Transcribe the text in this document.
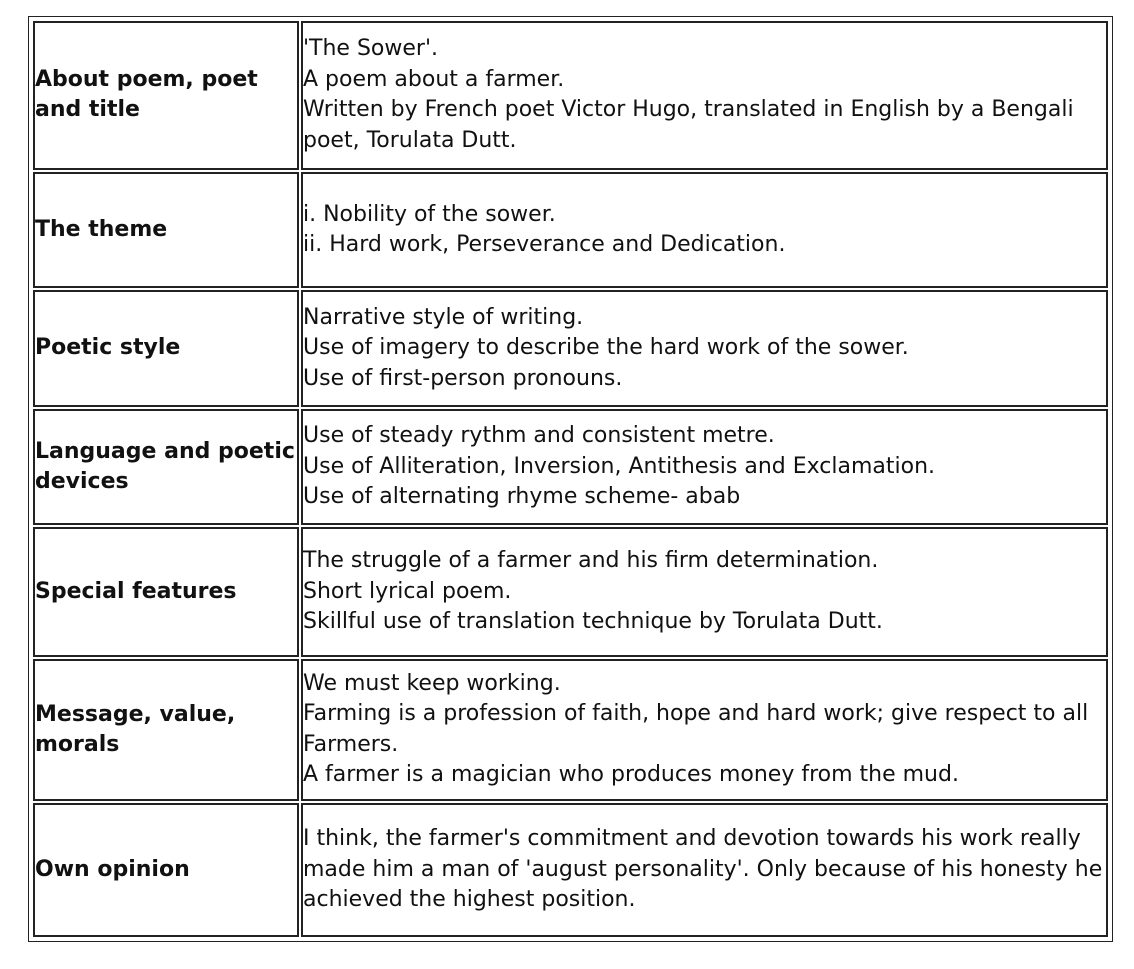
About poem, poet and title	'The Sower'.
A poem about a farmer.
Written by French poet Victor Hugo, translated in English by a Bengali poet, Torulata Dutt.

The theme	i. Nobility of the sower.
ii. Hard work, Perseverance and Dedication.

Poetic style	Narrative style of writing.
Use of imagery to describe the hard work of the sower.
Use of first-person pronouns.

Language and poetic devices	Use of steady rythm and consistent metre.
Use of Alliteration, Inversion, Antithesis and Exclamation.
Use of alternating rhyme scheme- abab

Special features	The struggle of a farmer and his firm determination.
Short lyrical poem.
Skillful use of translation technique by Torulata Dutt.

Message, value, morals	We must keep working.
Farming is a profession of faith, hope and hard work; give respect to all Farmers.
A farmer is a magician who produces money from the mud.

Own opinion	I think, the farmer's commitment and devotion towards his work really made him a man of 'august personality'. Only because of his honesty he achieved the highest position.
